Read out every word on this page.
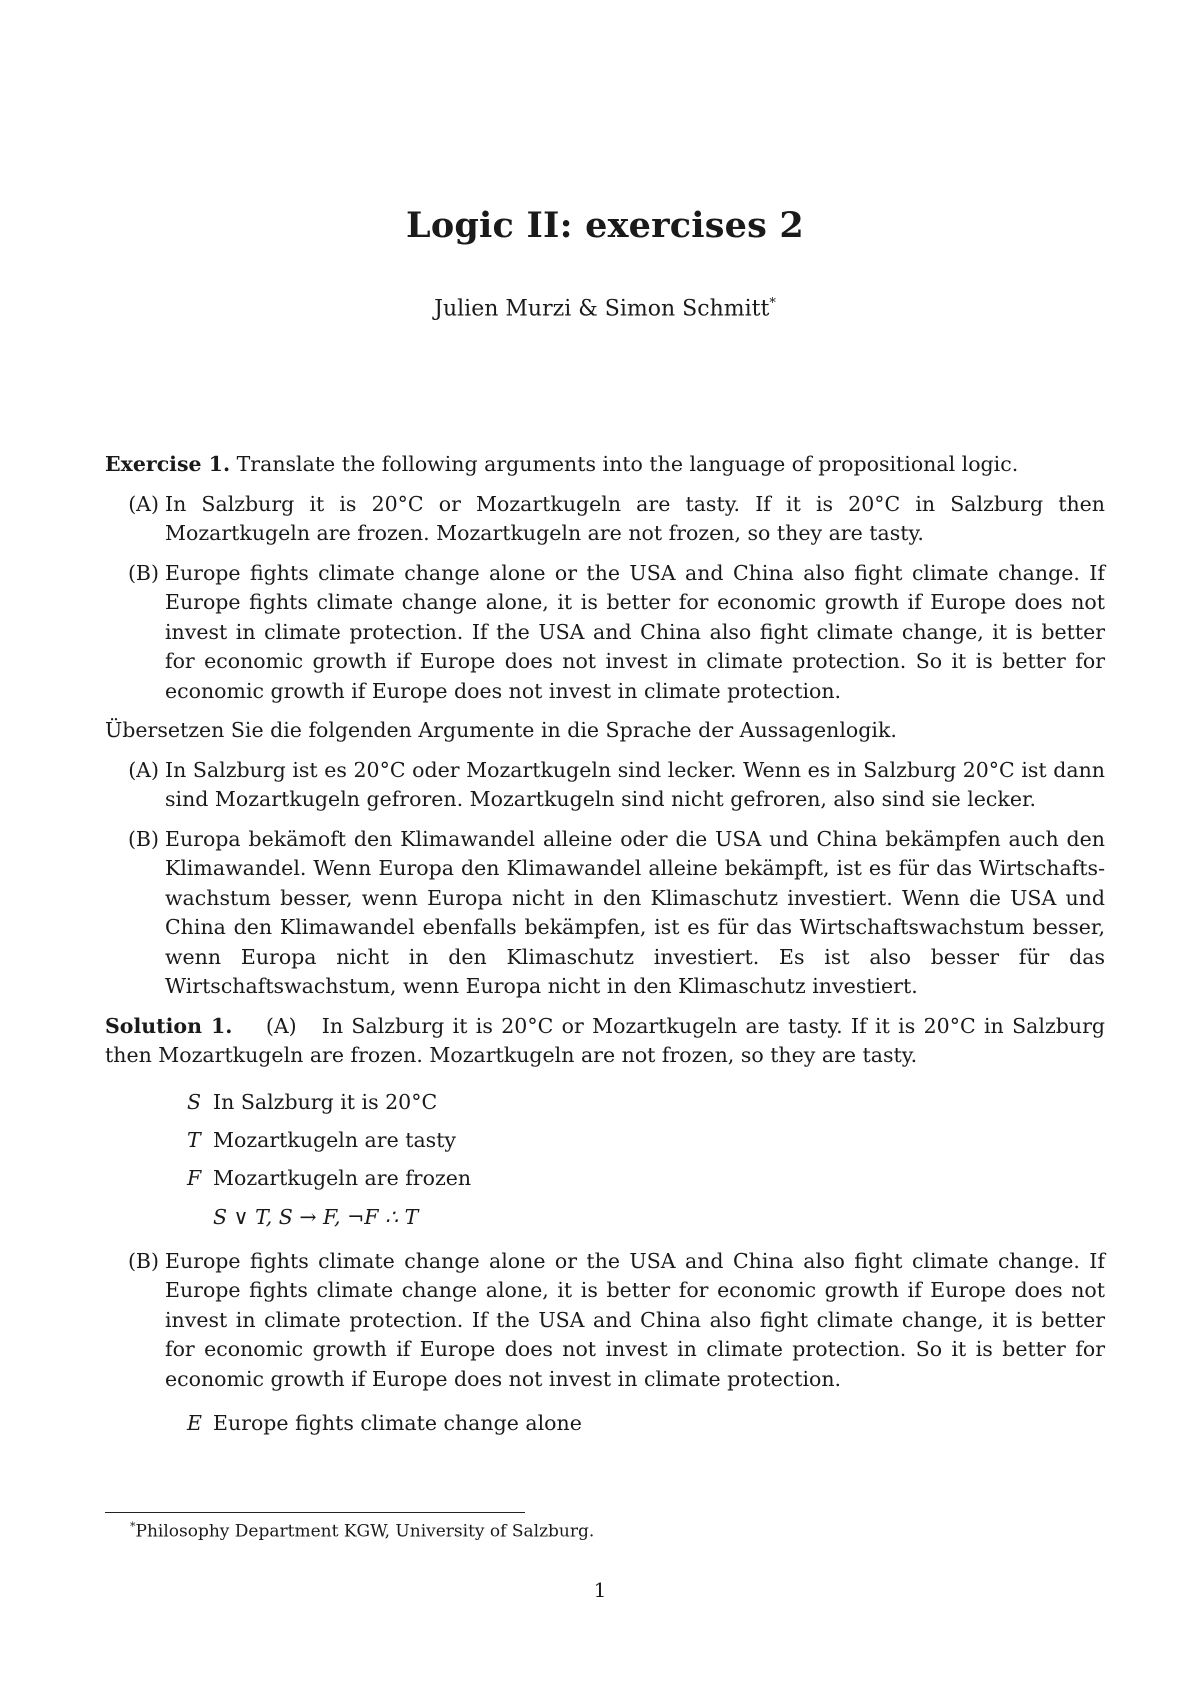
Logic II: exercises 2
Julien Murzi & Simon Schmitt*

Exercise 1. Translate the following arguments into the language of propositional logic.

(A) In Salzburg it is 20°C or Mozartkugeln are tasty. If it is 20°C in Salzburg then Mozartkugeln are frozen. Mozartkugeln are not frozen, so they are tasty.
(B) Europe fights climate change alone or the USA and China also fight climate change. If Europe fights climate change alone, it is better for economic growth if Europe does not invest in climate protection. If the USA and China also fight climate change, it is better for economic growth if Europe does not invest in climate protection. So it is better for economic growth if Europe does not invest in climate protection.

Übersetzen Sie die folgenden Argumente in die Sprache der Aussagenlogik.

(A) In Salzburg ist es 20°C oder Mozartkugeln sind lecker. Wenn es in Salzburg 20°C ist dann sind Mozartkugeln gefroren. Mozartkugeln sind nicht gefroren, also sind sie lecker.
(B) Europa bekämoft den Klimawandel alleine oder die USA und China bekämpfen auch den Klimawandel. Wenn Europa den Klimawandel alleine bekämpft, ist es für das Wirtschafts-wachstum besser, wenn Europa nicht in den Klimaschutz investiert. Wenn die USA und China den Klimawandel ebenfalls bekämpfen, ist es für das Wirtschaftswachstum besser, wenn Europa nicht in den Klimaschutz investiert. Es ist also besser für das Wirtschaftswachstum, wenn Europa nicht in den Klimaschutz investiert.
Solution 1. (A) In Salzburg it is 20°C or Mozartkugeln are tasty. If it is 20°C in Salzburg then Mozartkugeln are frozen. Mozartkugeln are not frozen, so they are tasty.
S In Salzburg it is 20°C
T Mozartkugeln are tasty
F Mozartkugeln are frozen
S ∨ T, S → F, ¬F ∴ T
(B) Europe fights climate change alone or the USA and China also fight climate change. If Europe fights climate change alone, it is better for economic growth if Europe does not invest in climate protection. If the USA and China also fight climate change, it is better for economic growth if Europe does not invest in climate protection. So it is better for economic growth if Europe does not invest in climate protection.
E Europe fights climate change alone
*Philosophy Department KGW, University of Salzburg.
1
